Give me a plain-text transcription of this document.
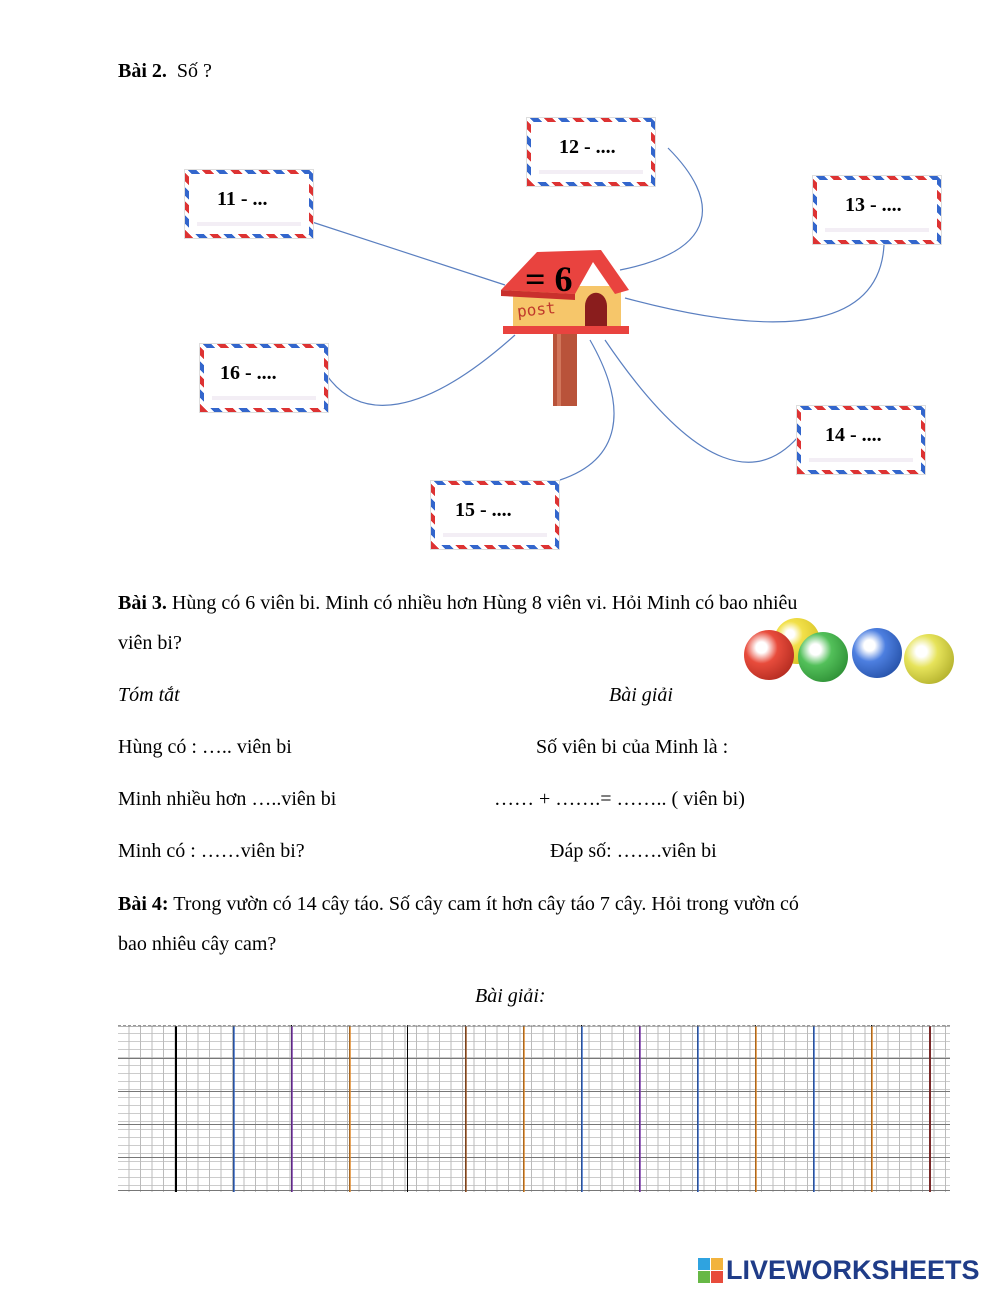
Bài 2. Số ?
12 - ....
11 - ...	13 - ....
16 - ....
14 - ....
15 - ....
= 6
post
Bài 3. Hùng có 6 viên bi. Minh có nhiều hơn Hùng 8 viên vi. Hỏi Minh có bao nhiêu
viên bi?
Tóm tắt	Bài giải
Hùng có : ….. viên bi	Số viên bi của Minh là :
Minh nhiều hơn …..viên bi	…… + …….= …….. ( viên bi)
Minh có : ……viên bi?	Đáp số: …….viên bi
Bài 4: Trong vườn có 14 cây táo. Số cây cam ít hơn cây táo 7 cây. Hỏi trong vườn có
bao nhiêu cây cam?
Bài giải:
LIVEWORKSHEETS
